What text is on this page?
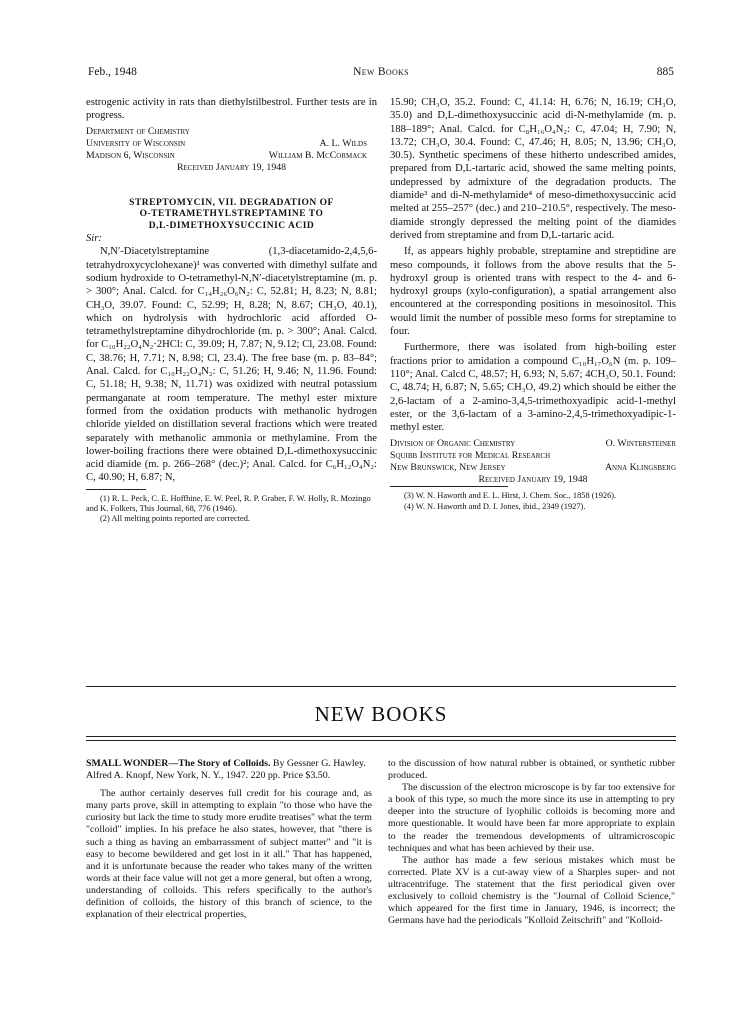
Feb., 1948	New Books	885

estrogenic activity in rats than diethylstilbestrol. Further tests are in progress.

Department of Chemistry
University of Wisconsin	A. L. Wilds
Madison 6, Wisconsin	William B. McCormack
Received January 19, 1948
STREPTOMYCIN, VII. DEGRADATION OF
O-TETRAMETHYLSTREPTAMINE TO
D,L-DIMETHOXYSUCCINIC ACID

Sir:

N,N′-Diacetylstreptamine (1,3-diacetamido-2,4,5,6-tetrahydroxycyclohexane)¹ was converted with dimethyl sulfate and sodium hydroxide to O-tetramethyl-N,N′-diacetylstreptamine (m. p. > 300°; Anal. Calcd. for C₁₄H₂₆O₆N₂: C, 52.81; H, 8.23; N, 8.81; CH₃O, 39.07. Found: C, 52.99; H, 8.28; N, 8.67; CH₃O, 40.1), which on hydrolysis with hydrochloric acid afforded O-tetramethylstreptamine dihydrochloride (m. p. > 300°; Anal. Calcd. for C₁₀H₂₂O₄N₂·2HCl: C, 39.09; H, 7.87; N, 9.12; Cl, 23.08. Found: C, 38.76; H, 7.71; N, 8.98; Cl, 23.4). The free base (m. p. 83–84°; Anal. Calcd. for C₁₀H₂₂O₄N₂: C, 51.26; H, 9.46; N, 11.96. Found: C, 51.18; H, 9.38; N, 11.71) was oxidized with neutral potassium permanganate at room temperature. The methyl ester mixture formed from the oxidation products with methanolic hydrogen chloride yielded on distillation several fractions which were treated separately with methanolic ammonia or methylamine. From the lower-boiling fractions there were obtained D,L-dimethoxysuccinic acid diamide (m. p. 266–268° (dec.)²; Anal. Calcd. for C₆H₁₂O₄N₂: C, 40.90; H, 6.87; N,

(1) R. L. Peck, C. E. Hoffhine, E. W. Peel, R. P. Graber, F. W. Holly, R. Mozingo and K. Folkers, This Journal, 68, 776 (1946).

(2) All melting points reported are corrected.

15.90; CH₃O, 35.2. Found: C, 41.14: H, 6.76; N, 16.19; CH₃O, 35.0) and D,L-dimethoxysuccinic acid di-N-methylamide (m. p. 188–189°; Anal. Calcd. for C₈H₁₆O₄N₂: C, 47.04; H, 7.90; N, 13.72; CH₃O, 30.4. Found: C, 47.46; H, 8.05; N, 13.96; CH₃O, 30.5). Synthetic specimens of these hitherto undescribed amides, prepared from D,L-tartaric acid, showed the same melting points, undepressed by admixture of the degradation products. The diamide³ and di-N-methylamide⁴ of meso-dimethoxysuccinic acid melted at 255–257° (dec.) and 210–210.5°, respectively. The meso-diamide strongly depressed the melting point of the diamides derived from streptamine and from D,L-tartaric acid.

If, as appears highly probable, streptamine and streptidine are meso compounds, it follows from the above results that the 5-hydroxyl group is oriented trans with respect to the 4- and 6-hydroxyl groups (xylo-configuration), a spatial arrangement also encountered at the corresponding positions in mesoinositol. This would limit the number of possible meso forms for streptamine to four.

Furthermore, there was isolated from high-boiling ester fractions prior to amidation a compound C₁₀H₁₇O₆N (m. p. 109–110°; Anal. Calcd C, 48.57; H, 6.93; N, 5.67; 4CH₃O, 50.1. Found: C, 48.74; H, 6.87; N, 5.65; CH₃O, 49.2) which should be either the 2,6-lactam of a 2-amino-3,4,5-trimethoxyadipic acid-1-methyl ester, or the 3,6-lactam of a 3-amino-2,4,5-trimethoxyadipic-1-methyl ester.

Division of Organic Chemistry	O. Wintersteiner
Squibb Institute for Medical Research
New Brunswick, New Jersey	Anna Klingsberg
Received January 19, 1948

(3) W. N. Haworth and E. L. Hirst, J. Chem. Soc., 1858 (1926).

(4) W. N. Haworth and D. I. Jones, ibid., 2349 (1927).

NEW BOOKS

SMALL WONDER—The Story of Colloids. By Gessner G. Hawley. Alfred A. Knopf, New York, N. Y., 1947. 220 pp. Price $3.50.

The author certainly deserves full credit for his courage and, as many parts prove, skill in attempting to explain "to those who have the curiosity but lack the time to study more erudite treatises" what the term "colloid" implies. In his preface he also states, however, that "there is such a thing as having an embarrassment of subject matter" and "it is easy to become bewildered and get lost in it all." That has happened, and it is unfortunate because the reader who takes many of the written words at their face value will not get a more general, but often a wrong, understanding of colloids. This refers specifically to the author's definition of colloids, the history of this branch of science, to the explanation of their electrical properties,

to the discussion of how natural rubber is obtained, or synthetic rubber produced.

The discussion of the electron microscope is by far too extensive for a book of this type, so much the more since its use in attempting to pry deeper into the structure of lyophilic colloids is becoming more and more questionable. It would have been far more appropriate to explain to the reader the tremendous developments of ultramicroscopic techniques and what has been achieved by their use.

The author has made a few serious mistakes which must be corrected. Plate XV is a cut-away view of a Sharples super- and not ultracentrifuge. The statement that the first periodical given over exclusively to colloid chemistry is the "Journal of Colloid Science," which appeared for the first time in January, 1946, is incorrect; the Germans have had the periodicals "Kolloid Zeitschrift" and "Kolloid-
